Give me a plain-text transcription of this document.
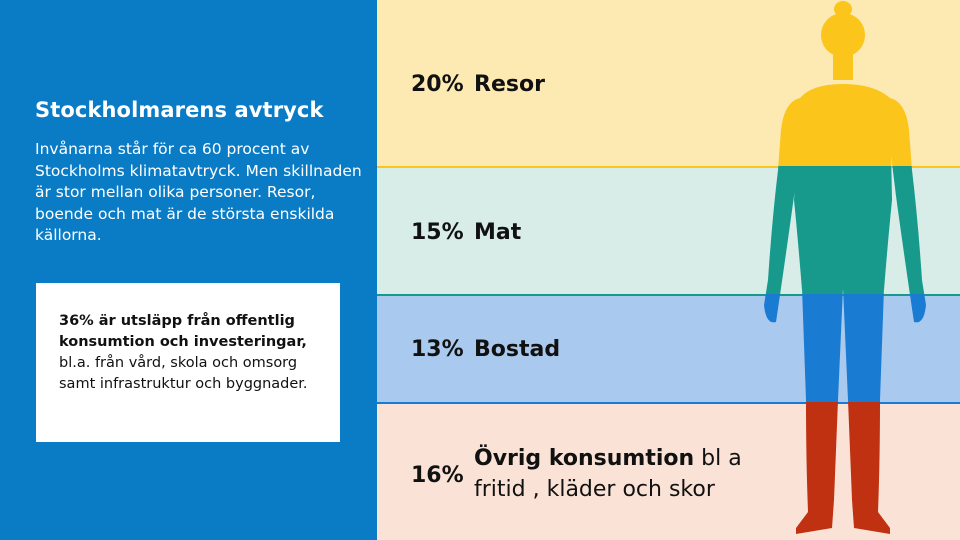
Stockholmarens avtryck

Invånarna står för ca 60 procent av Stockholms klimatavtryck. Men skillnaden är stor mellan olika personer. Resor, boende och mat är de största enskilda källorna.

36% är utsläpp från offentlig konsumtion och investeringar, bl.a. från vård, skola och omsorg samt infrastruktur och byggnader.
20% Resor
15% Mat
13% Bostad
16%
Övrig konsumtion bl a fritid , kläder och skor
